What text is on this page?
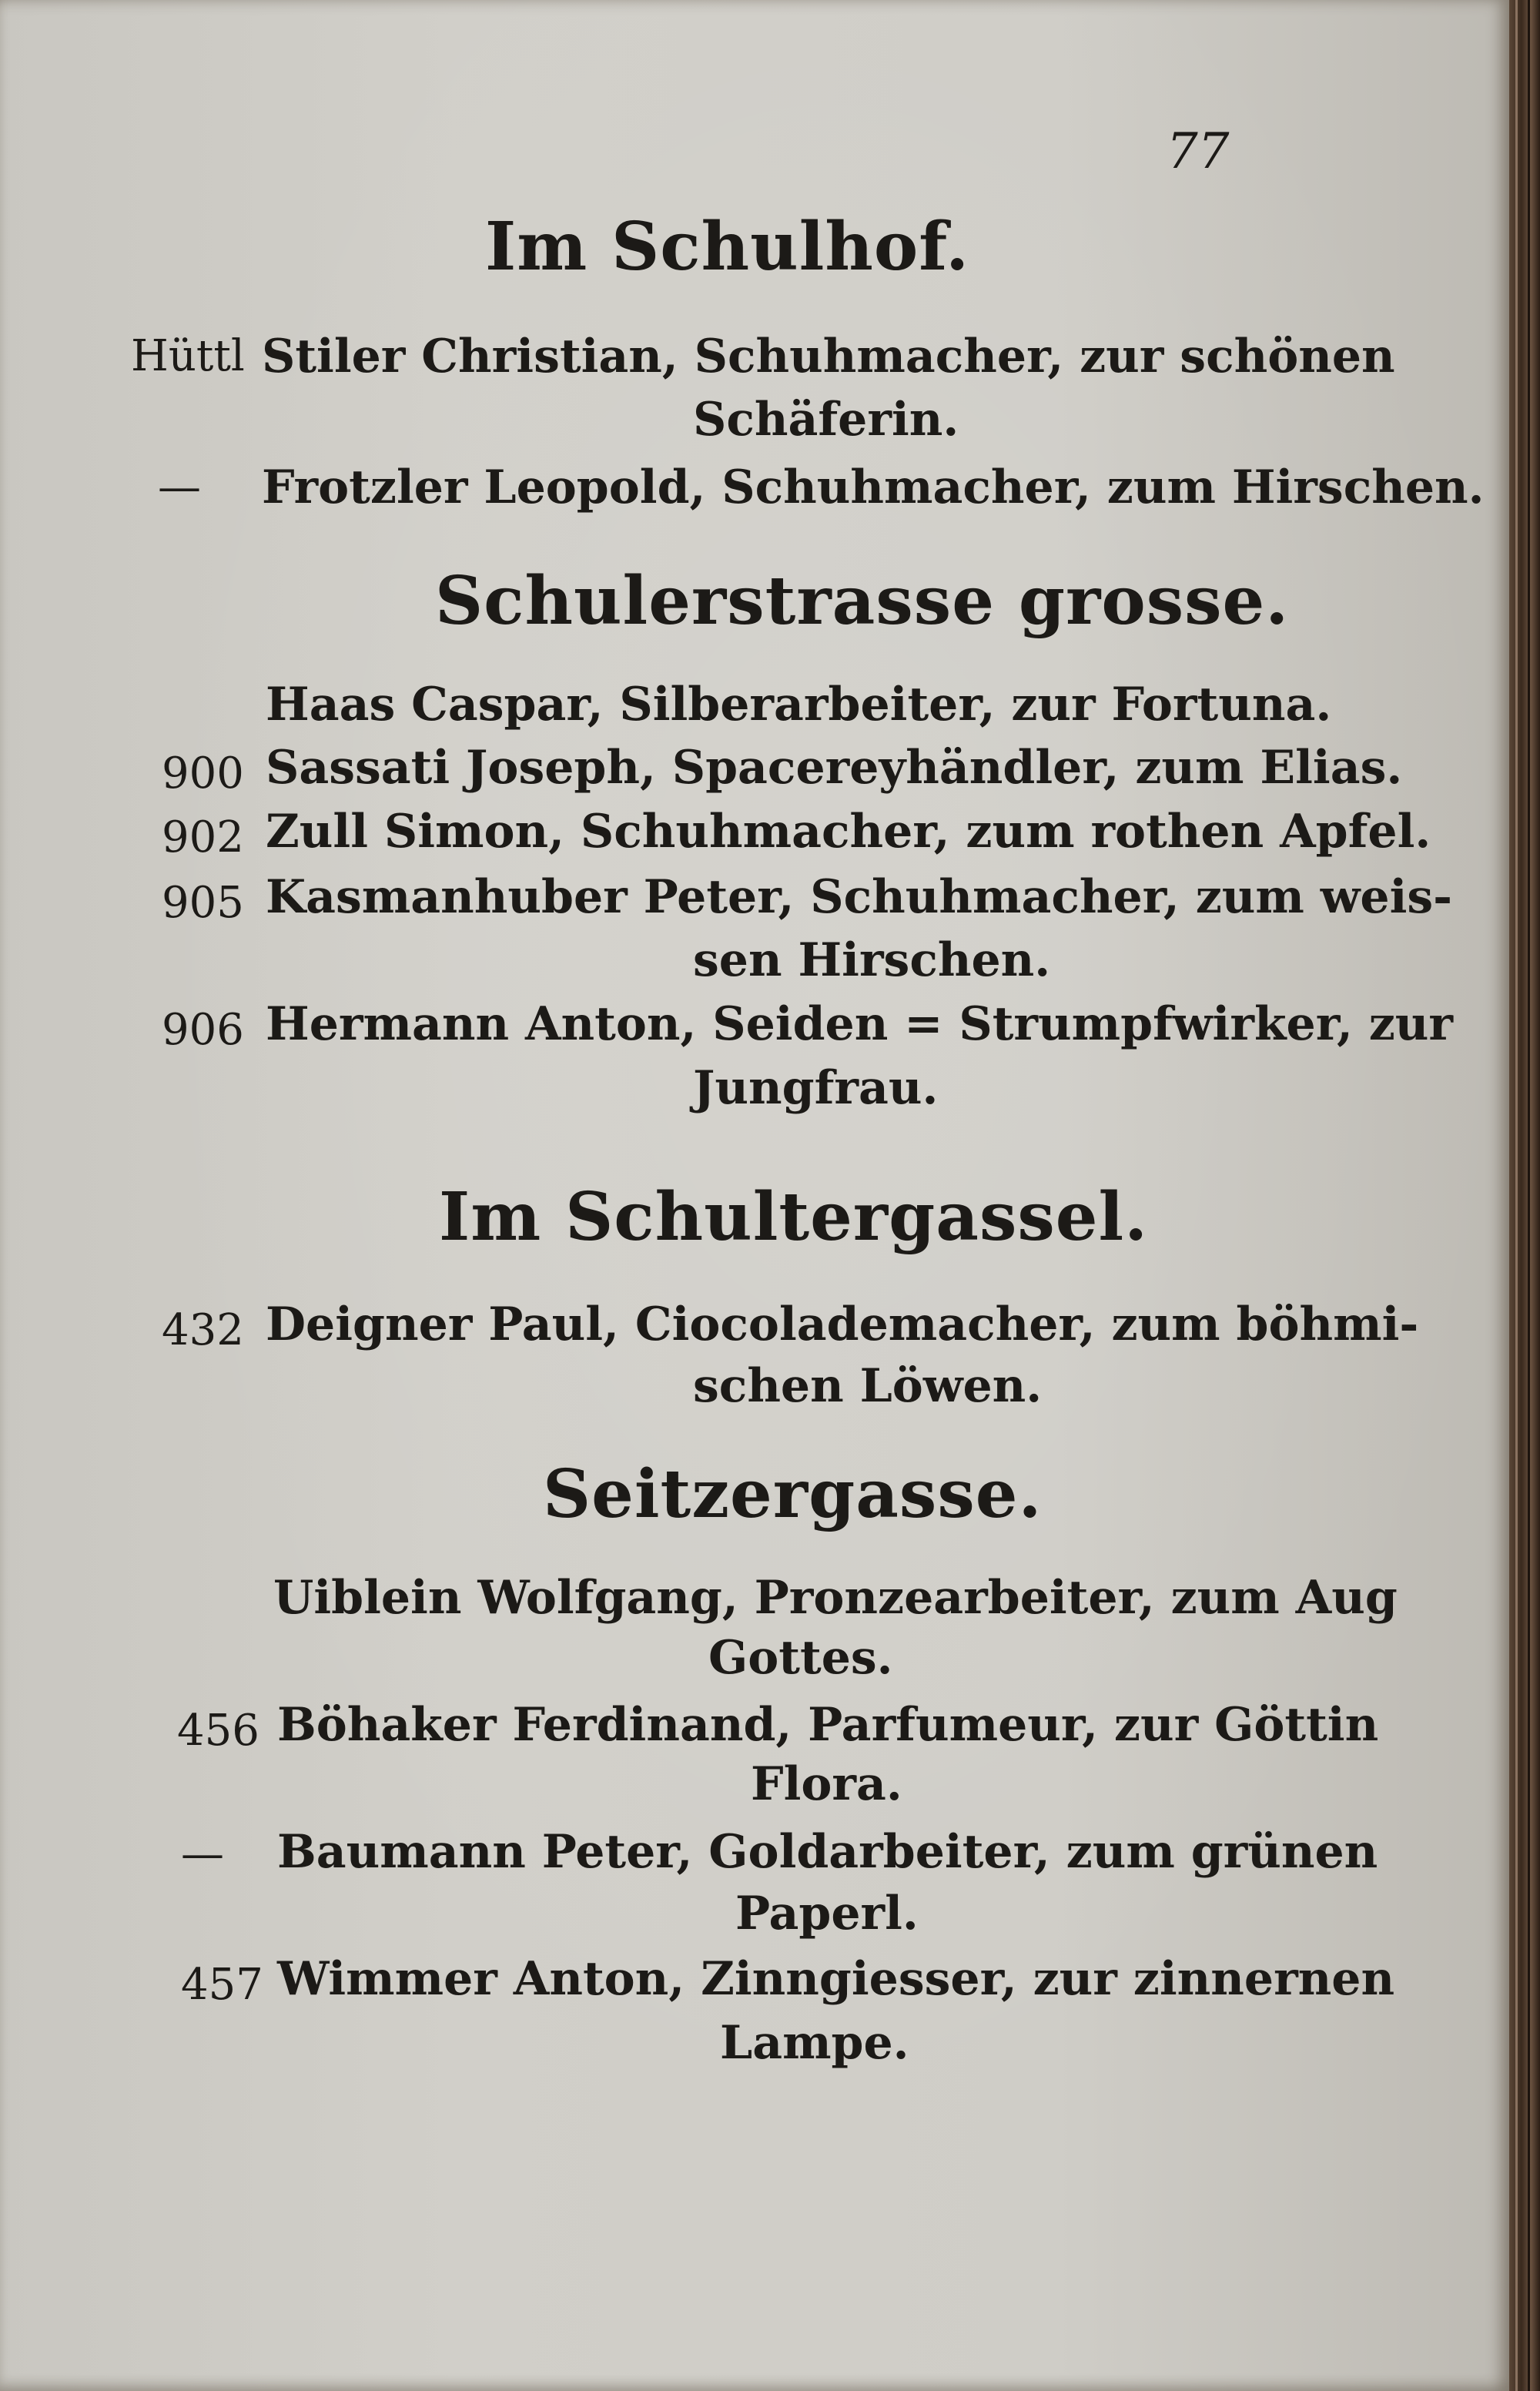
77
Im Schulhof.
Hüttl Stiler Christian, Schuhmacher, zur schönen
Schäferin.
— Frotzler Leopold, Schuhmacher, zum Hirschen.
Schulerstrasse grosse.
Haas Caspar, Silberarbeiter, zur Fortuna.
900 Sassati Joseph, Spacereyhändler, zum Elias.
902 Zull Simon, Schuhmacher, zum rothen Apfel.
905 Kasmanhuber Peter, Schuhmacher, zum weis-
sen Hirschen.
906 Hermann Anton, Seiden = Strumpfwirker, zur
Jungfrau.
Im Schultergassel.
432 Deigner Paul, Ciocolademacher, zum böhmi-
schen Löwen.
Seitzergasse.
Uiblein Wolfgang, Pronzearbeiter, zum Aug
Gottes.
456 Böhaker Ferdinand, Parfumeur, zur Göttin
Flora.
— Baumann Peter, Goldarbeiter, zum grünen
Paperl.
457 Wimmer Anton, Zinngiesser, zur zinnernen
Lampe.
